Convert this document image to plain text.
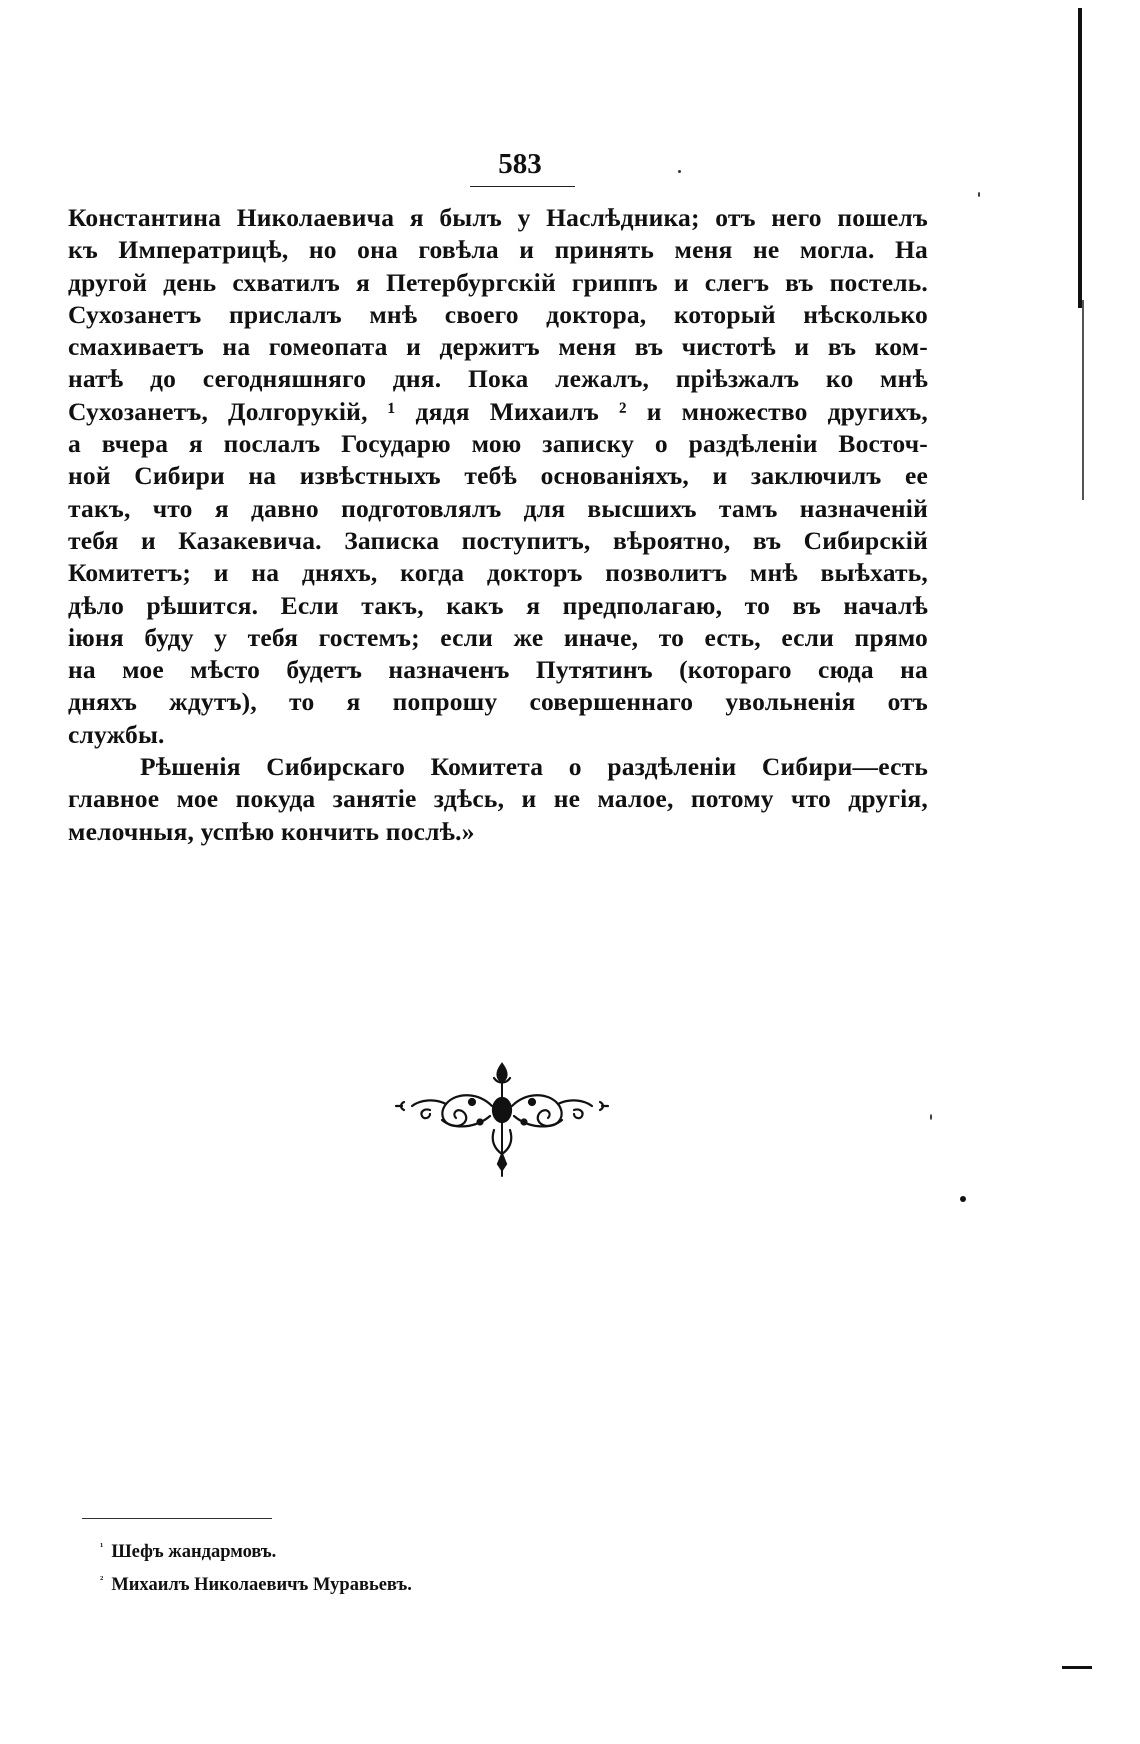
583
Константина Николаевича я былъ у Наслѣдника; отъ него пошелъ
къ Императрицѣ, но она говѣла и принять меня не могла. На
другой день схватилъ я Петербургскій гриппъ и слегъ въ постель.
Сухозанетъ прислалъ мнѣ своего доктора, который нѣсколько
смахиваетъ на гомеопата и держитъ меня въ чистотѣ и въ ком-
натѣ до сегодняшняго дня. Пока лежалъ, пріѣзжалъ ко мнѣ
Сухозанетъ, Долгорукій, ¹ дядя Михаилъ ² и множество другихъ,
а вчера я послалъ Государю мою записку о раздѣленіи Восточ-
ной Сибири на извѣстныхъ тебѣ основаніяхъ, и заключилъ ее
такъ, что я давно подготовлялъ для высшихъ тамъ назначеній
тебя и Казакевича. Записка поступитъ, вѣроятно, въ Сибирскій
Комитетъ; и на дняхъ, когда докторъ позволитъ мнѣ выѣхать,
дѣло рѣшится. Если такъ, какъ я предполагаю, то въ началѣ
іюня буду у тебя гостемъ; если же иначе, то есть, если прямо
на мое мѣсто будетъ назначенъ Путятинъ (котораго сюда на
дняхъ ждутъ), то я попрошу совершеннаго увольненія отъ
службы.
Рѣшенія Сибирскаго Комитета о раздѣленіи Сибири—есть
главное мое покуда занятіе здѣсь, и не малое, потому что другія,
мелочныя, успѣю кончить послѣ.»
$^{^1}$ Шефъ жандармовъ.
$^{^2}$ Михаилъ Николаевичъ Муравьевъ.
